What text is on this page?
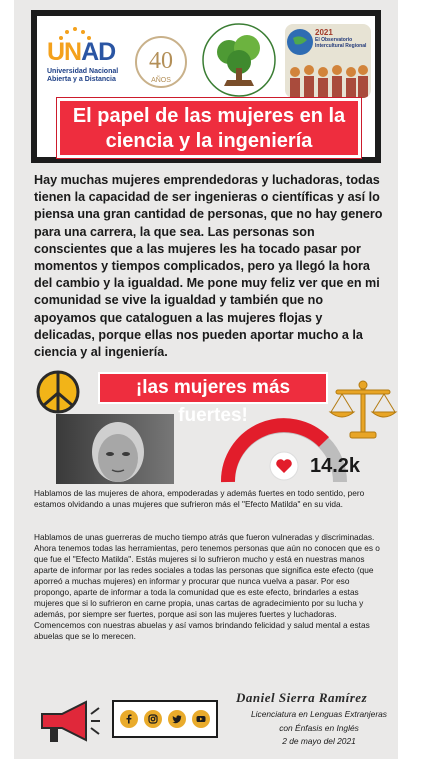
UNAD
Universidad Nacional Abierta y a Distancia
40
AÑOS
2021
El Observatorio Intercultural Regional
El papel de las mujeres en la ciencia y la ingeniería
Hay muchas mujeres emprendedoras y luchadoras, todas tienen la capacidad de ser ingenieras o científicas y así lo piensa una gran cantidad de personas, que no hay genero para una carrera, la que sea. Las personas son conscientes que a las mujeres les ha tocado pasar por momentos y tiempos complicados, pero ya llegó la hora del cambio y la igualdad. Me pone muy feliz ver que en mi comunidad se vive la igualdad y también que no apoyamos que cataloguen a las mujeres flojas y delicadas, porque ellas nos pueden aportar mucho a la ciencia y al ingeniería.
¡las mujeres más fuertes!
14.2k
Hablamos de las mujeres de ahora, empoderadas y además fuertes en todo sentido, pero estamos olvidando a unas mujeres que sufrieron más el "Efecto Matilda" en su vida.
Hablamos de unas guerreras de mucho tiempo atrás que fueron vulneradas y discriminadas. Ahora tenemos todas las herramientas, pero tenemos personas que aún no conocen que es o que fue el "Efecto Matilda". Estás mujeres si lo sufrieron mucho y está en nuestras manos aparte de informar por las redes sociales a todas las personas que significa este efecto (que aporreó a muchas mujeres) en informar y procurar que nunca vuelva a pasar. Por eso propongo, aparte de informar a toda la comunidad que es este efecto, brindarles a estas mujeres que si lo sufrieron en carne propia, unas cartas de agradecimiento por su lucha y además, por siempre ser fuertes, porque asi son las mujeres fuertes y luchadoras. Comencemos con nuestras abuelas y así vamos brindando felicidad y salud mental a estas abuelas que se lo merecen.
Daniel Sierra Ramírez
Licenciatura en Lenguas Extranjeras
con Énfasis en Inglés
2 de mayo del 2021
